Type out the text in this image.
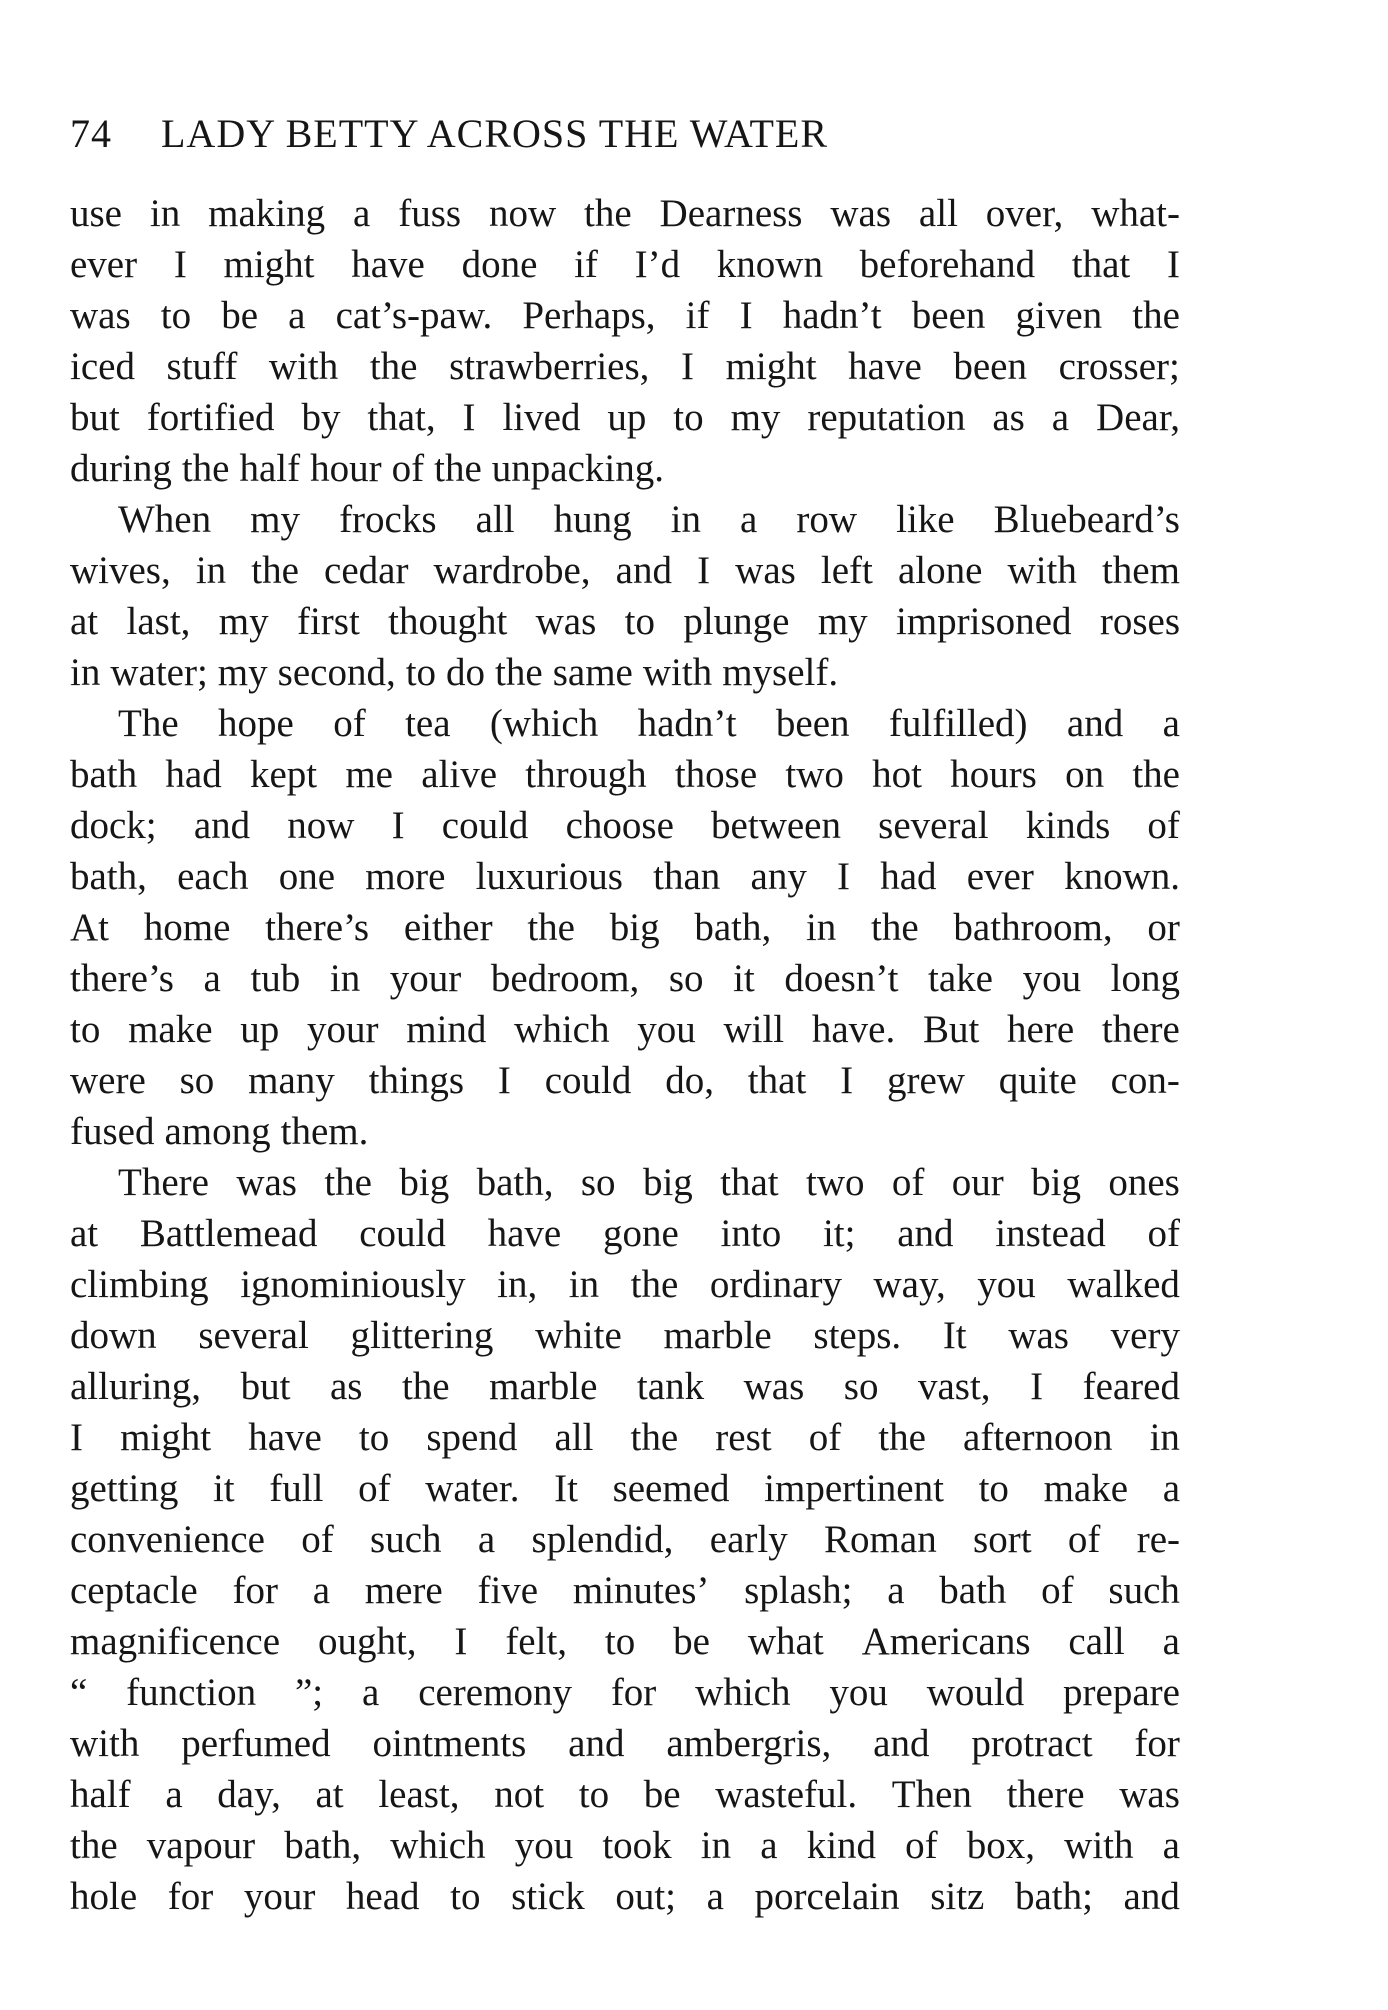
74 LADY BETTY ACROSS THE WATER
use in making a fuss now the Dearness was all over, what-
ever I might have done if I’d known beforehand that I
was to be a cat’s-paw. Perhaps, if I hadn’t been given the
iced stuff with the strawberries, I might have been crosser;
but fortified by that, I lived up to my reputation as a Dear,
during the half hour of the unpacking.
When my frocks all hung in a row like Bluebeard’s
wives, in the cedar wardrobe, and I was left alone with them
at last, my first thought was to plunge my imprisoned roses
in water; my second, to do the same with myself.
The hope of tea (which hadn’t been fulfilled) and a
bath had kept me alive through those two hot hours on the
dock; and now I could choose between several kinds of
bath, each one more luxurious than any I had ever known.
At home there’s either the big bath, in the bathroom, or
there’s a tub in your bedroom, so it doesn’t take you long
to make up your mind which you will have. But here there
were so many things I could do, that I grew quite con-
fused among them.
There was the big bath, so big that two of our big ones
at Battlemead could have gone into it; and instead of
climbing ignominiously in, in the ordinary way, you walked
down several glittering white marble steps. It was very
alluring, but as the marble tank was so vast, I feared
I might have to spend all the rest of the afternoon in
getting it full of water. It seemed impertinent to make a
convenience of such a splendid, early Roman sort of re-
ceptacle for a mere five minutes’ splash; a bath of such
magnificence ought, I felt, to be what Americans call a
“ function ”; a ceremony for which you would prepare
with perfumed ointments and ambergris, and protract for
half a day, at least, not to be wasteful. Then there was
the vapour bath, which you took in a kind of box, with a
hole for your head to stick out; a porcelain sitz bath; and
